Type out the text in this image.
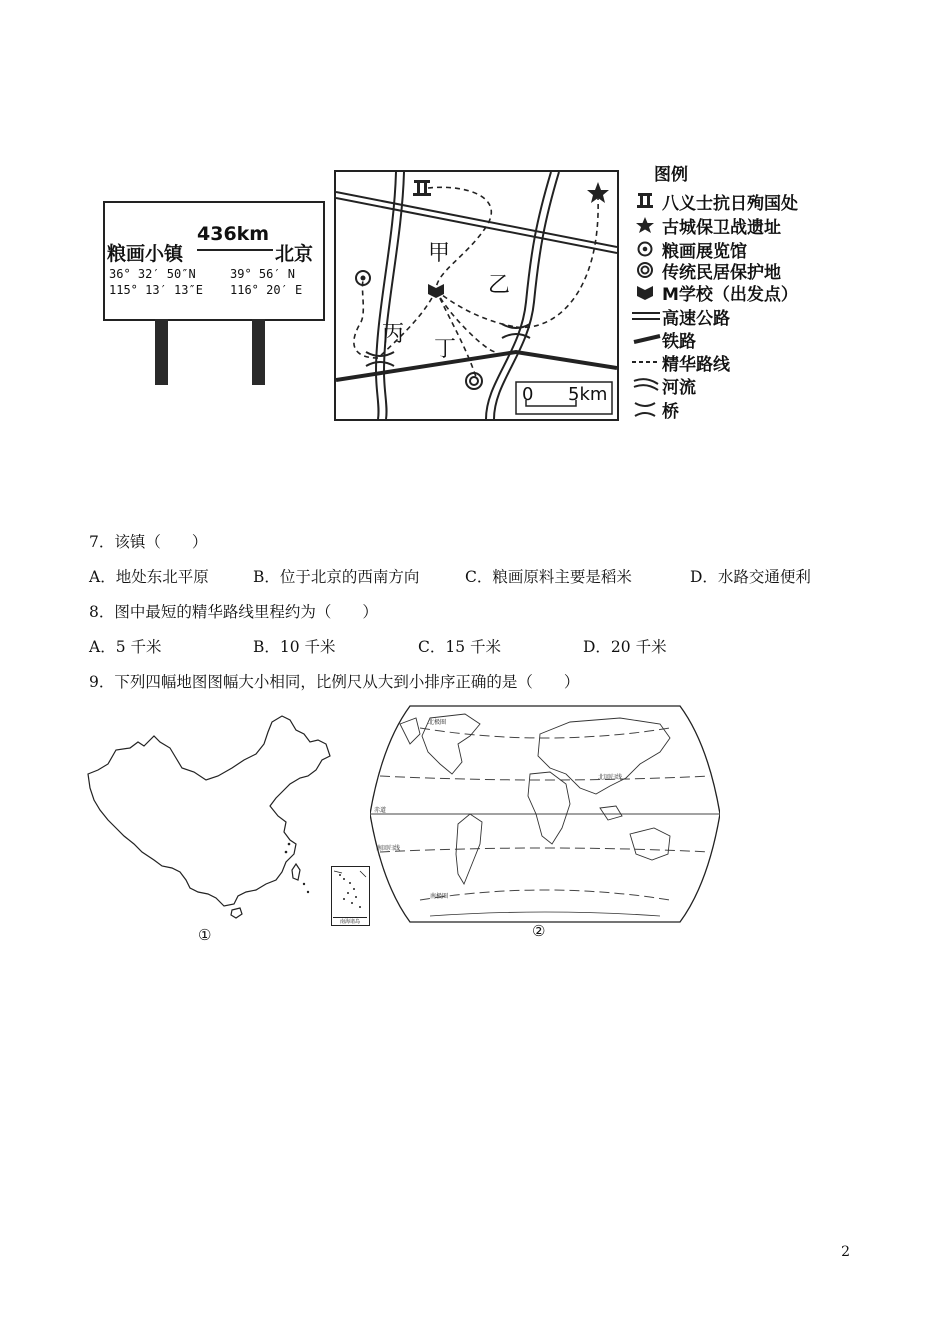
粮画小镇
436km
北京
36° 32′ 50″N
115° 13′ 13″E
39° 56′ N
116° 20′ E
甲
乙
丙
丁
0 5km
图例
八义士抗日殉国处
古城保卫战遗址
粮画展览馆
传统民居保护地
M学校（出发点）
高速公路
铁路
精华路线
河流
桥
7．该镇（　　）
A．地处东北平原	B．位于北京的西南方向	C．粮画原料主要是稻米	D．水路交通便利
8．图中最短的精华路线里程约为（　　）
A．5 千米	B．10 千米	C．15 千米	D．20 千米
9．下列四幅地图图幅大小相同，比例尺从大到小排序正确的是（　　）
南海诸岛
①
北极圈
北回归线
赤道
南回归线
南极圈
②
2
